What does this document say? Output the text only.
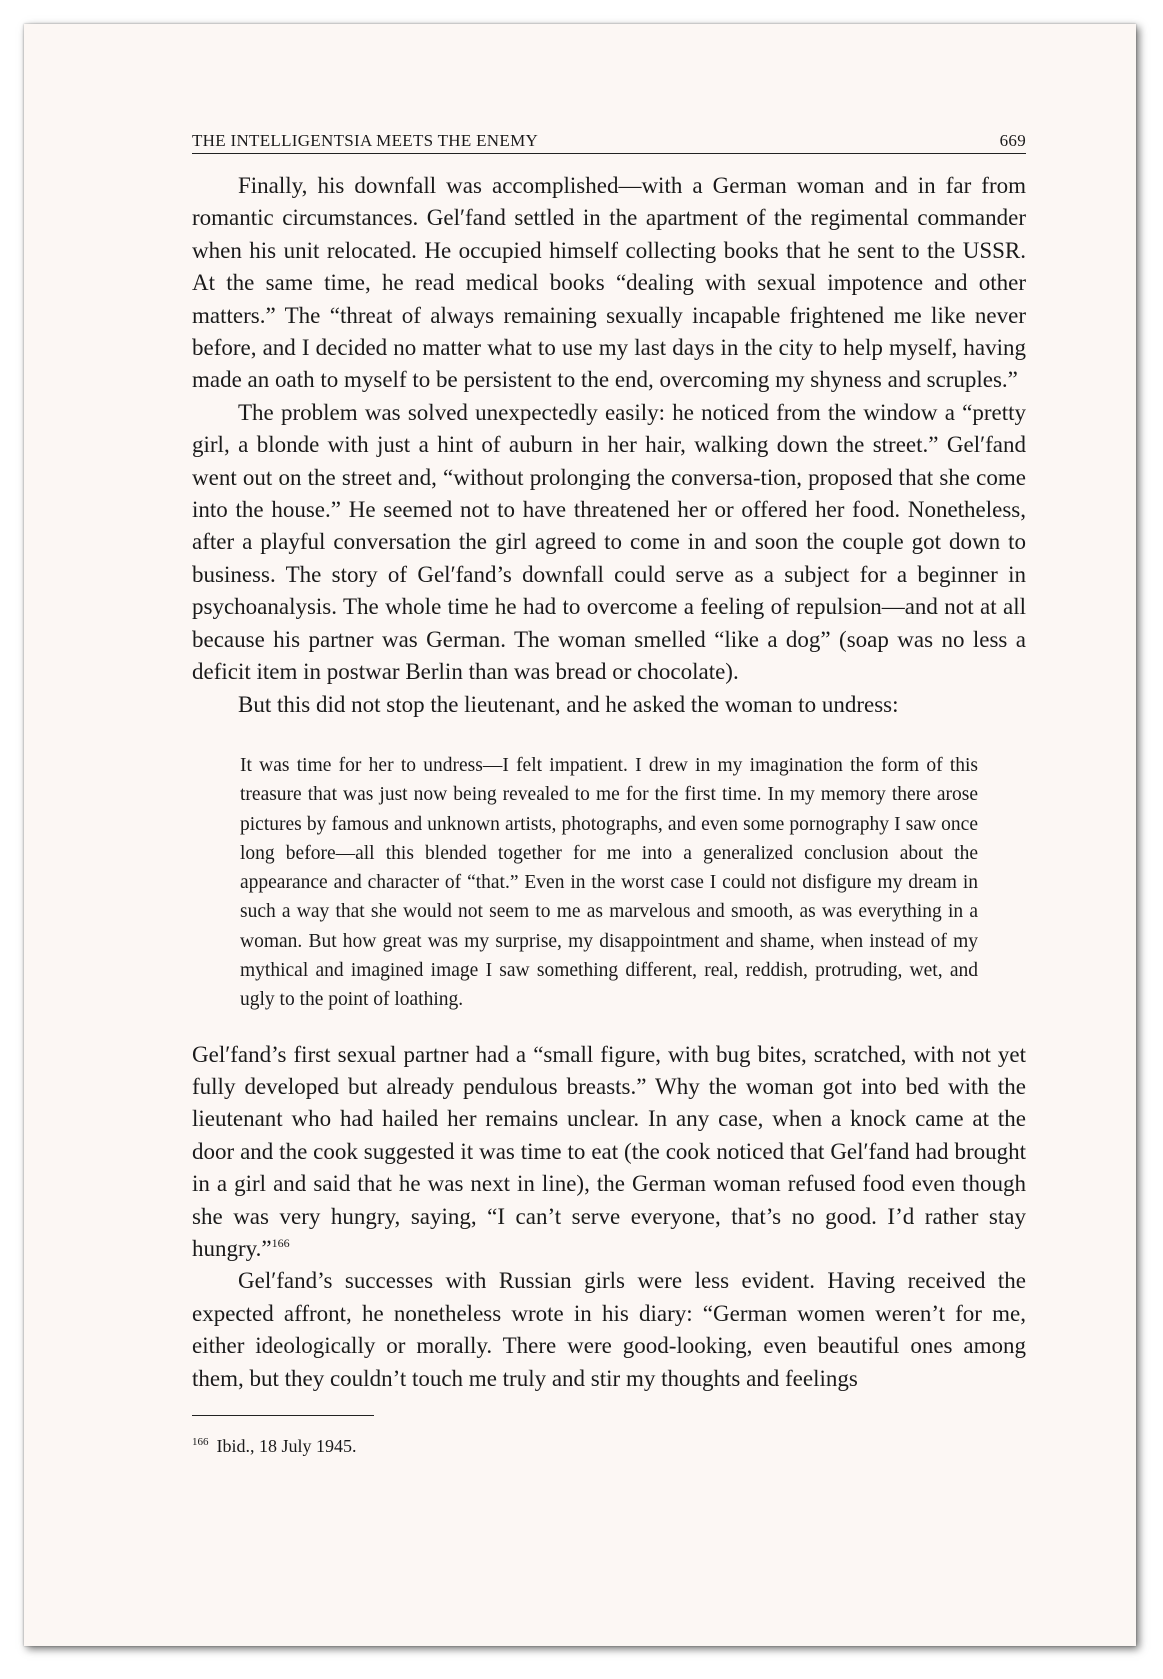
THE INTELLIGENTSIA MEETS THE ENEMY	669

Finally, his downfall was accomplished—with a German woman and in far from romantic circumstances. Gel′fand settled in the apartment of the regimental commander when his unit relocated. He occupied himself collecting books that he sent to the USSR. At the same time, he read medical books “dealing with sexual impotence and other matters.” The “threat of always remaining sexually incapable frightened me like never before, and I decided no matter what to use my last days in the city to help myself, having made an oath to myself to be persistent to the end, overcoming my shyness and scruples.”

The problem was solved unexpectedly easily: he noticed from the window a “pretty girl, a blonde with just a hint of auburn in her hair, walking down the street.” Gel′fand went out on the street and, “without prolonging the conversa-tion, proposed that she come into the house.” He seemed not to have threatened her or offered her food. Nonetheless, after a playful conversation the girl agreed to come in and soon the couple got down to business. The story of Gel′fand’s downfall could serve as a subject for a beginner in psychoanalysis. The whole time he had to overcome a feeling of repulsion—and not at all because his partner was German. The woman smelled “like a dog” (soap was no less a deficit item in postwar Berlin than was bread or chocolate).

But this did not stop the lieutenant, and he asked the woman to undress:

It was time for her to undress—I felt impatient. I drew in my imagination the form of this treasure that was just now being revealed to me for the first time. In my memory there arose pictures by famous and unknown artists, photographs, and even some pornography I saw once long before—all this blended together for me into a generalized conclusion about the appearance and character of “that.” Even in the worst case I could not disfigure my dream in such a way that she would not seem to me as marvelous and smooth, as was everything in a woman. But how great was my surprise, my disappointment and shame, when instead of my mythical and imagined image I saw something different, real, reddish, protruding, wet, and ugly to the point of loathing.

Gel′fand’s first sexual partner had a “small figure, with bug bites, scratched, with not yet fully developed but already pendulous breasts.” Why the woman got into bed with the lieutenant who had hailed her remains unclear. In any case, when a knock came at the door and the cook suggested it was time to eat (the cook noticed that Gel′fand had brought in a girl and said that he was next in line), the German woman refused food even though she was very hungry, saying, “I can’t serve everyone, that’s no good. I’d rather stay hungry.”$^{166}$

Gel′fand’s successes with Russian girls were less evident. Having received the expected affront, he nonetheless wrote in his diary: “German women weren’t for me, either ideologically or morally. There were good-looking, even beautiful ones among them, but they couldn’t touch me truly and stir my thoughts and feelings

$^{166}$ Ibid., 18 July 1945.
